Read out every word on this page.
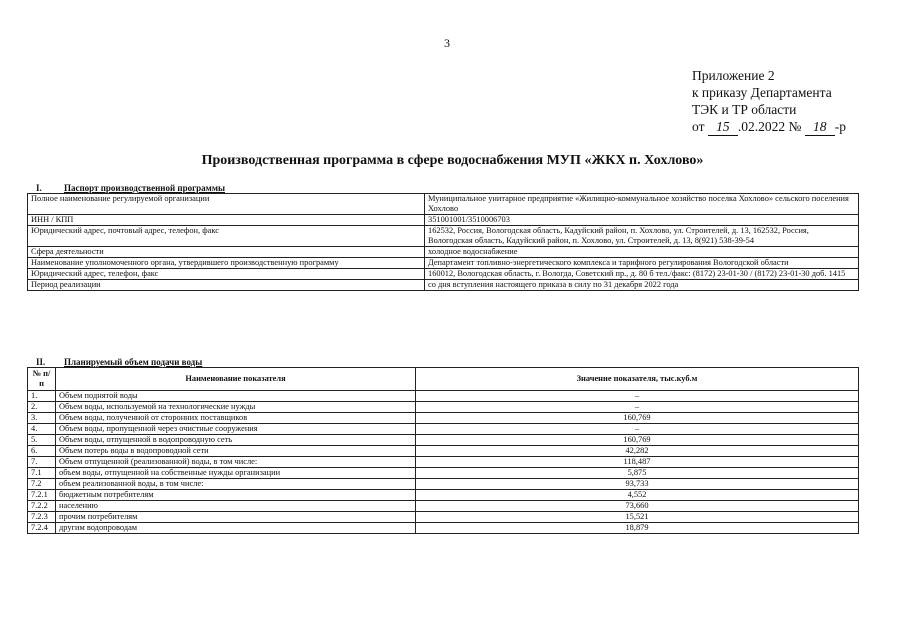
3
Приложение 2
к приказу Департамента
ТЭК и ТР области
от 15 .02.2022 № 18 -р
Производственная программа в сфере водоснабжения МУП «ЖКХ п. Хохлово»
I. Паспорт производственной программы
Полное наименование регулируемой организации	Муниципальное унитарное предприятие «Жилищно-коммунальное хозяйство поселка Хохлово» сельского поселения Хохлово
ИНН / КПП	351001001/3510006703
Юридический адрес, почтовый адрес, телефон, факс	162532, Россия, Вологодская область, Кадуйский район, п. Хохлово, ул. Строителей, д. 13, 162532, Россия, Вологодская область, Кадуйский район, п. Хохлово, ул. Строителей, д. 13, 8(921) 538-39-54
Сфера деятельности	холодное водоснабжение
Наименование уполномоченного органа, утвердившего производственную программу	Департамент топливно-энергетического комплекса и тарифного регулирования Вологодской области
Юридический адрес, телефон, факс	160012, Вологодская область, г. Вологда, Советский пр., д. 80 б тел./факс: (8172) 23-01-30 / (8172) 23-01-30 доб. 1415
Период реализации	со дня вступления настоящего приказа в силу по 31 декабря 2022 года
II. Планируемый объем подачи воды
№ п/п	Наименование показателя	Значение показателя, тыс.куб.м
1.	Объем поднятой воды	–
2.	Объем воды, используемой на технологические нужды	–
3.	Объем воды, полученной от сторонних поставщиков	160,769
4.	Объем воды, пропущенной через очистные сооружения	–
5.	Объем воды, отпущенной в водопроводную сеть	160,769
6.	Объем потерь воды в водопроводной сети	42,282
7.	Объем отпущенной (реализованной) воды, в том числе:	118,487
7.1	объем воды, отпущенной на собственные нужды организации	5,875
7.2	объем реализованной воды, в том числе:	93,733
7.2.1	бюджетным потребителям	4,552
7.2.2	населению	73,660
7.2.3	прочим потребителям	15,521
7.2.4	другим водопроводам	18,879
